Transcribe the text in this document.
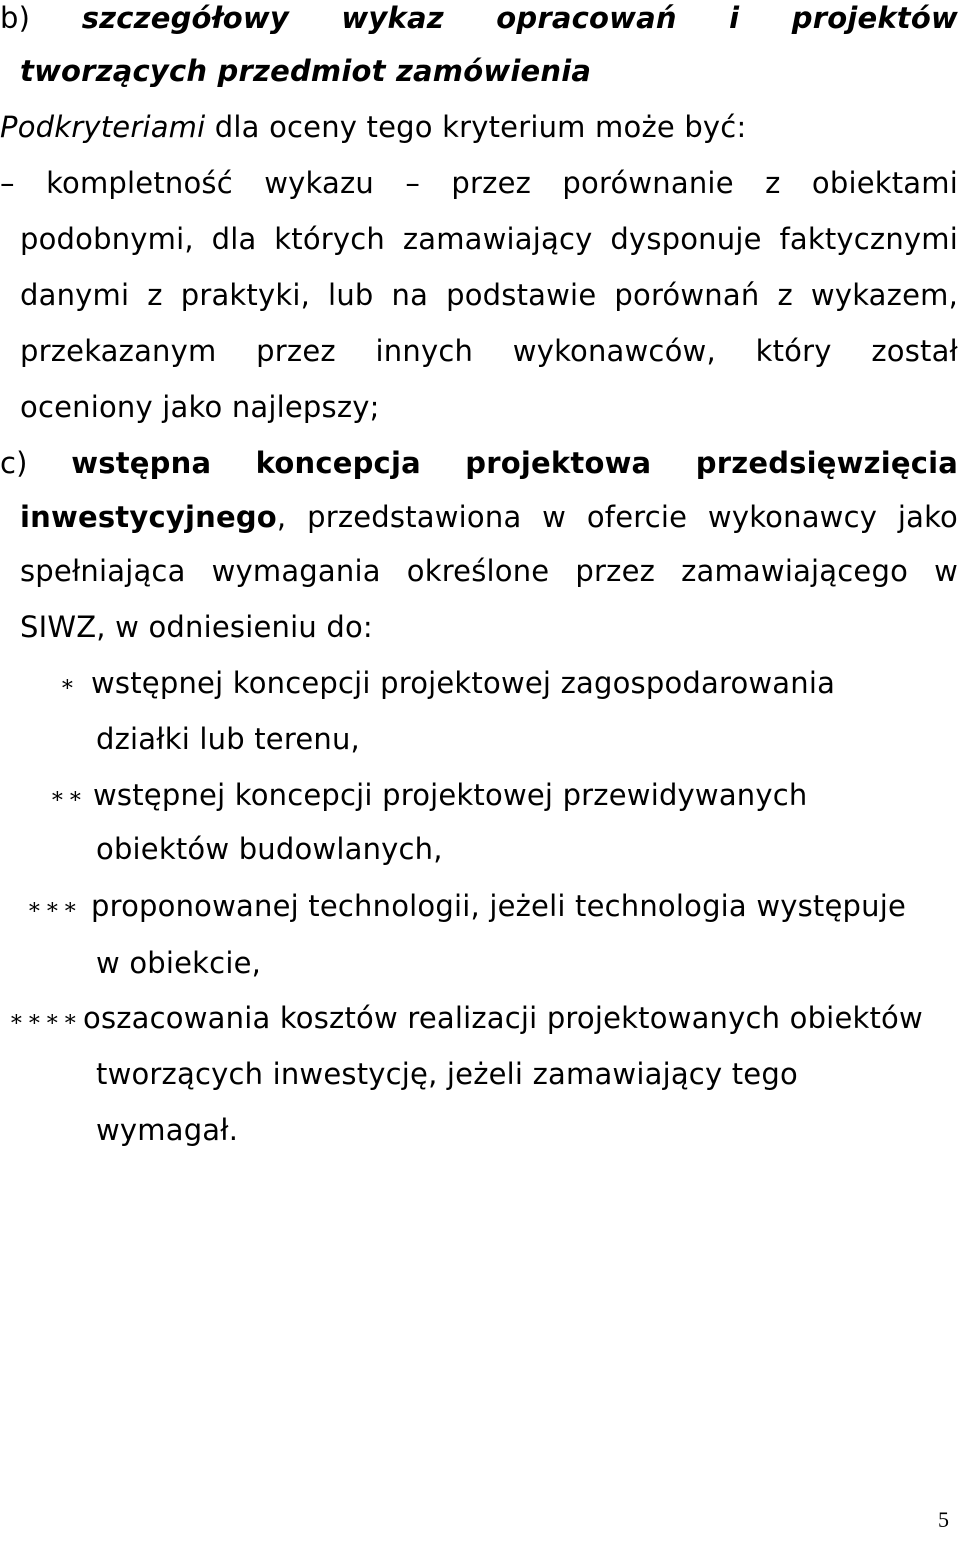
b) szczegółowy wykaz opracowań i projektów
tworzących przedmiot zamówienia
Podkryteriami dla oceny tego kryterium może być:
– kompletność wykazu – przez porównanie z obiektami
podobnymi, dla których zamawiający dysponuje faktycznymi
danymi z praktyki, lub na podstawie porównań z wykazem,
przekazanym przez innych wykonawców, który został
oceniony jako najlepszy;
c) wstępna koncepcja projektowa przedsięwzięcia
inwestycyjnego, przedstawiona w ofercie wykonawcy jako
spełniająca wymagania określone przez zamawiającego w
SIWZ, w odniesieniu do:
∗ wstępnej koncepcji projektowej zagospodarowania
działki lub terenu,
∗∗ wstępnej koncepcji projektowej przewidywanych
obiektów budowlanych,
∗∗∗ proponowanej technologii, jeżeli technologia występuje
w obiekcie,
∗∗∗∗ oszacowania kosztów realizacji projektowanych obiektów
tworzących inwestycję, jeżeli zamawiający tego
wymagał.
5
